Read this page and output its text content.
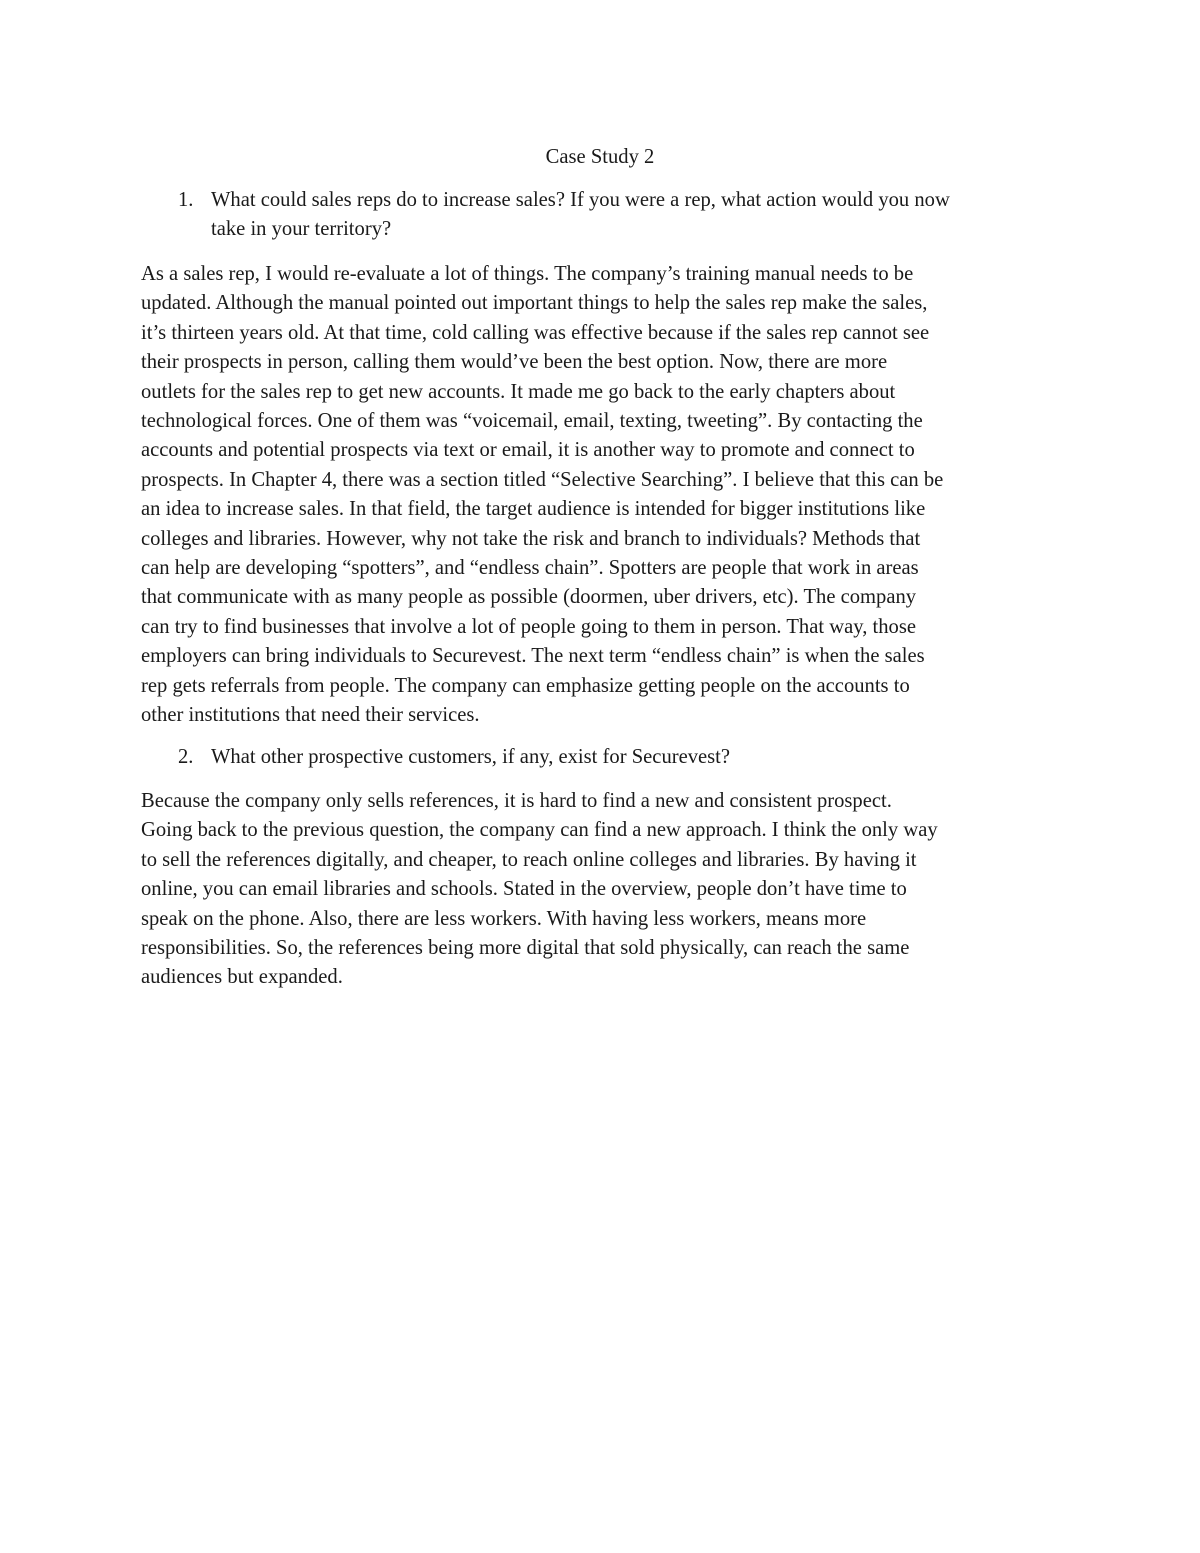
Case Study 2
1. What could sales reps do to increase sales? If you were a rep, what action would you now
take in your territory?
As a sales rep, I would re-evaluate a lot of things. The company’s training manual needs to be
updated. Although the manual pointed out important things to help the sales rep make the sales,
it’s thirteen years old. At that time, cold calling was effective because if the sales rep cannot see
their prospects in person, calling them would’ve been the best option. Now, there are more
outlets for the sales rep to get new accounts. It made me go back to the early chapters about
technological forces. One of them was “voicemail, email, texting, tweeting”. By contacting the
accounts and potential prospects via text or email, it is another way to promote and connect to
prospects. In Chapter 4, there was a section titled “Selective Searching”. I believe that this can be
an idea to increase sales. In that field, the target audience is intended for bigger institutions like
colleges and libraries. However, why not take the risk and branch to individuals? Methods that
can help are developing “spotters”, and “endless chain”. Spotters are people that work in areas
that communicate with as many people as possible (doormen, uber drivers, etc). The company
can try to find businesses that involve a lot of people going to them in person. That way, those
employers can bring individuals to Securevest. The next term “endless chain” is when the sales
rep gets referrals from people. The company can emphasize getting people on the accounts to
other institutions that need their services.
2. What other prospective customers, if any, exist for Securevest?
Because the company only sells references, it is hard to find a new and consistent prospect.
Going back to the previous question, the company can find a new approach. I think the only way
to sell the references digitally, and cheaper, to reach online colleges and libraries. By having it
online, you can email libraries and schools. Stated in the overview, people don’t have time to
speak on the phone. Also, there are less workers. With having less workers, means more
responsibilities. So, the references being more digital that sold physically, can reach the same
audiences but expanded.
